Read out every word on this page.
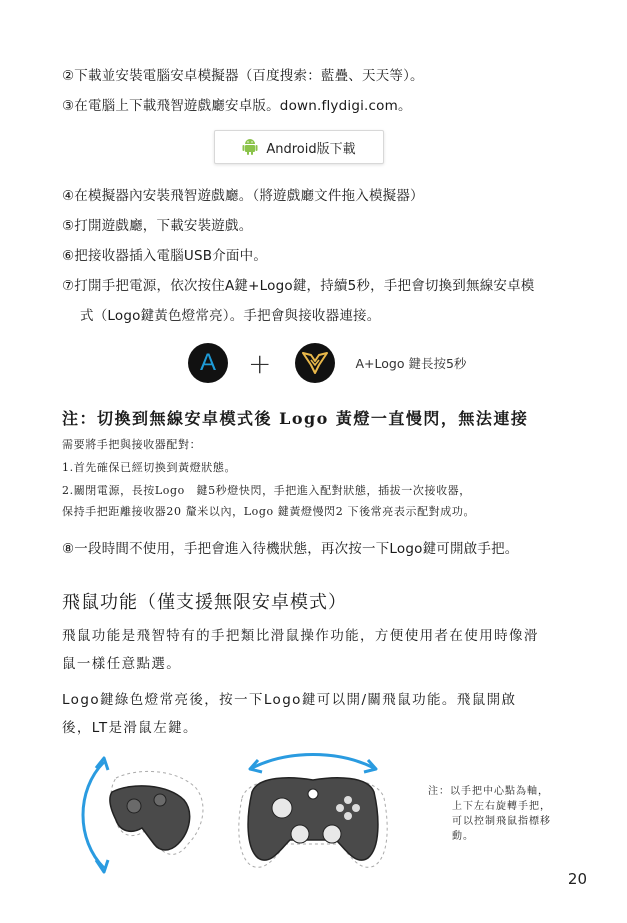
②下載並安裝電腦安卓模擬器（百度搜索：藍疊、天天等）。
③在電腦上下載飛智遊戲廳安卓版。down.flydigi.com。
Android版下載
④在模擬器內安裝飛智遊戲廳。（將遊戲廳文件拖入模擬器）
⑤打開遊戲廳，下載安裝遊戲。
⑥把接收器插入電腦USB介面中。
⑦打開手把電源，依次按住A鍵+Logo鍵，持續5秒，手把會切換到無線安卓模
式（Logo鍵黃色燈常亮）。手把會與接收器連接。
A	+	A+Logo 鍵長按5秒
注：切換到無線安卓模式後 Logo 黃燈一直慢閃，無法連接
需要將手把與接收器配對：
1.首先確保已經切換到黃燈狀態。
2.關閉電源，長按Logo　鍵5秒燈快閃，手把進入配對狀態，插拔一次接收器，
保持手把距離接收器20 釐米以內，Logo 鍵黃燈慢閃2 下後常亮表示配對成功。
⑧一段時間不使用，手把會進入待機狀態，再次按一下Logo鍵可開啟手把。
飛鼠功能（僅支援無限安卓模式）
飛鼠功能是飛智特有的手把類比滑鼠操作功能，方便使用者在使用時像滑
鼠一樣任意點選。
Logo鍵綠色燈常亮後，按一下Logo鍵可以開/關飛鼠功能。飛鼠開啟
後，LT是滑鼠左鍵。
注：以手把中心點為軸，
上下左右旋轉手把，
可以控制飛鼠指標移
動。
20
